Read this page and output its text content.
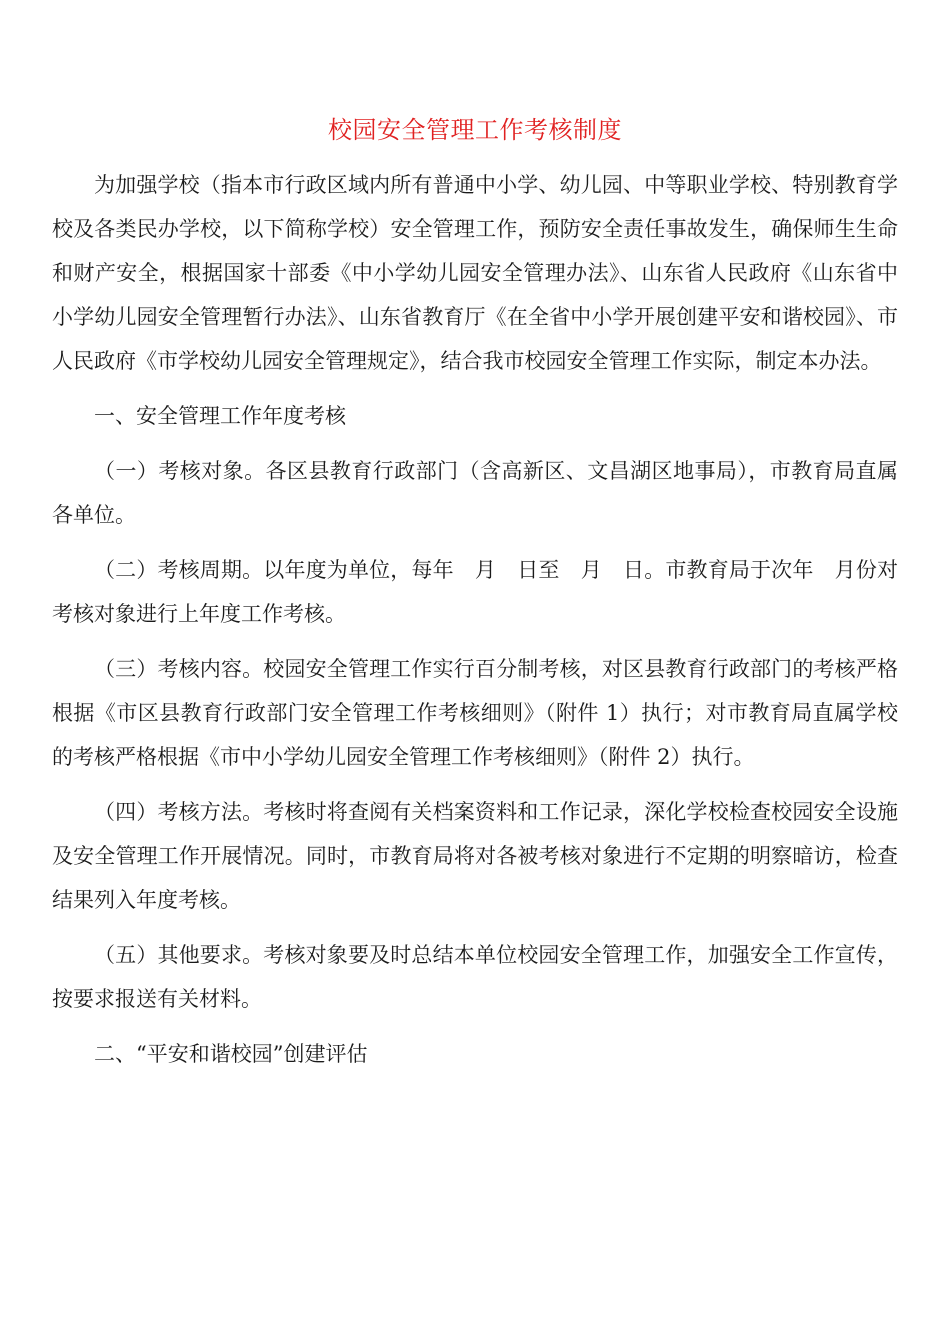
校园安全管理工作考核制度

为加强学校（指本市行政区域内所有普通中小学、幼儿园、中等职业学校、特别教育学校及各类民办学校，以下简称学校）安全管理工作，预防安全责任事故发生，确保师生生命和财产安全，根据国家十部委《中小学幼儿园安全管理办法》、山东省人民政府《山东省中小学幼儿园安全管理暂行办法》、山东省教育厅《在全省中小学开展创建平安和谐校园》、市人民政府《市学校幼儿园安全管理规定》，结合我市校园安全管理工作实际，制定本办法。

一、安全管理工作年度考核

（一）考核对象。各区县教育行政部门（含高新区、文昌湖区地事局），市教育局直属各单位。

（二）考核周期。以年度为单位，每年　月　日至　月　日。市教育局于次年　月份对考核对象进行上年度工作考核。

（三）考核内容。校园安全管理工作实行百分制考核，对区县教育行政部门的考核严格根据《市区县教育行政部门安全管理工作考核细则》（附件 1）执行；对市教育局直属学校的考核严格根据《市中小学幼儿园安全管理工作考核细则》（附件 2）执行。

（四）考核方法。考核时将查阅有关档案资料和工作记录，深化学校检查校园安全设施及安全管理工作开展情况。同时，市教育局将对各被考核对象进行不定期的明察暗访，检查结果列入年度考核。

（五）其他要求。考核对象要及时总结本单位校园安全管理工作，加强安全工作宣传，按要求报送有关材料。

二、“平安和谐校园”创建评估
